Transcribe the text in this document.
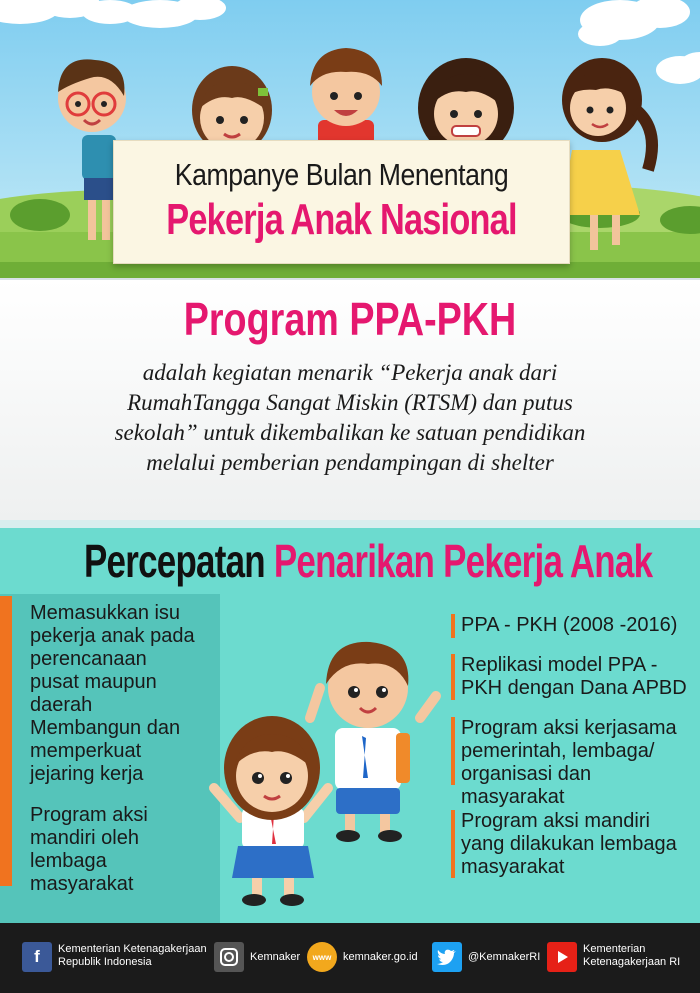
Kampanye Bulan Menentang
Pekerja Anak Nasional
Program PPA-PKH
adalah kegiatan menarik “Pekerja anak dari RumahTangga Sangat Miskin (RTSM) dan putus sekolah” untuk dikembalikan ke satuan pendidikan melalui pemberian pendampingan di shelter
Percepatan Penarikan Pekerja Anak
Memasukkan isu pekerja anak pada perencanaan pusat maupun daerah
Membangun dan memperkuat jejaring kerja
Program aksi mandiri oleh lembaga masyarakat
PPA - PKH (2008 -2016)
Replikasi model PPA - PKH dengan Dana APBD
Program aksi kerjasama pemerintah, lembaga/ organisasi dan masyarakat
Program aksi mandiri yang dilakukan lembaga masyarakat
f	Kementerian Ketenagakerjaan Republik Indonesia	Kemnaker	www	kemnaker.go.id	@KemnakerRI
Kementerian Ketenagakerjaan RI
